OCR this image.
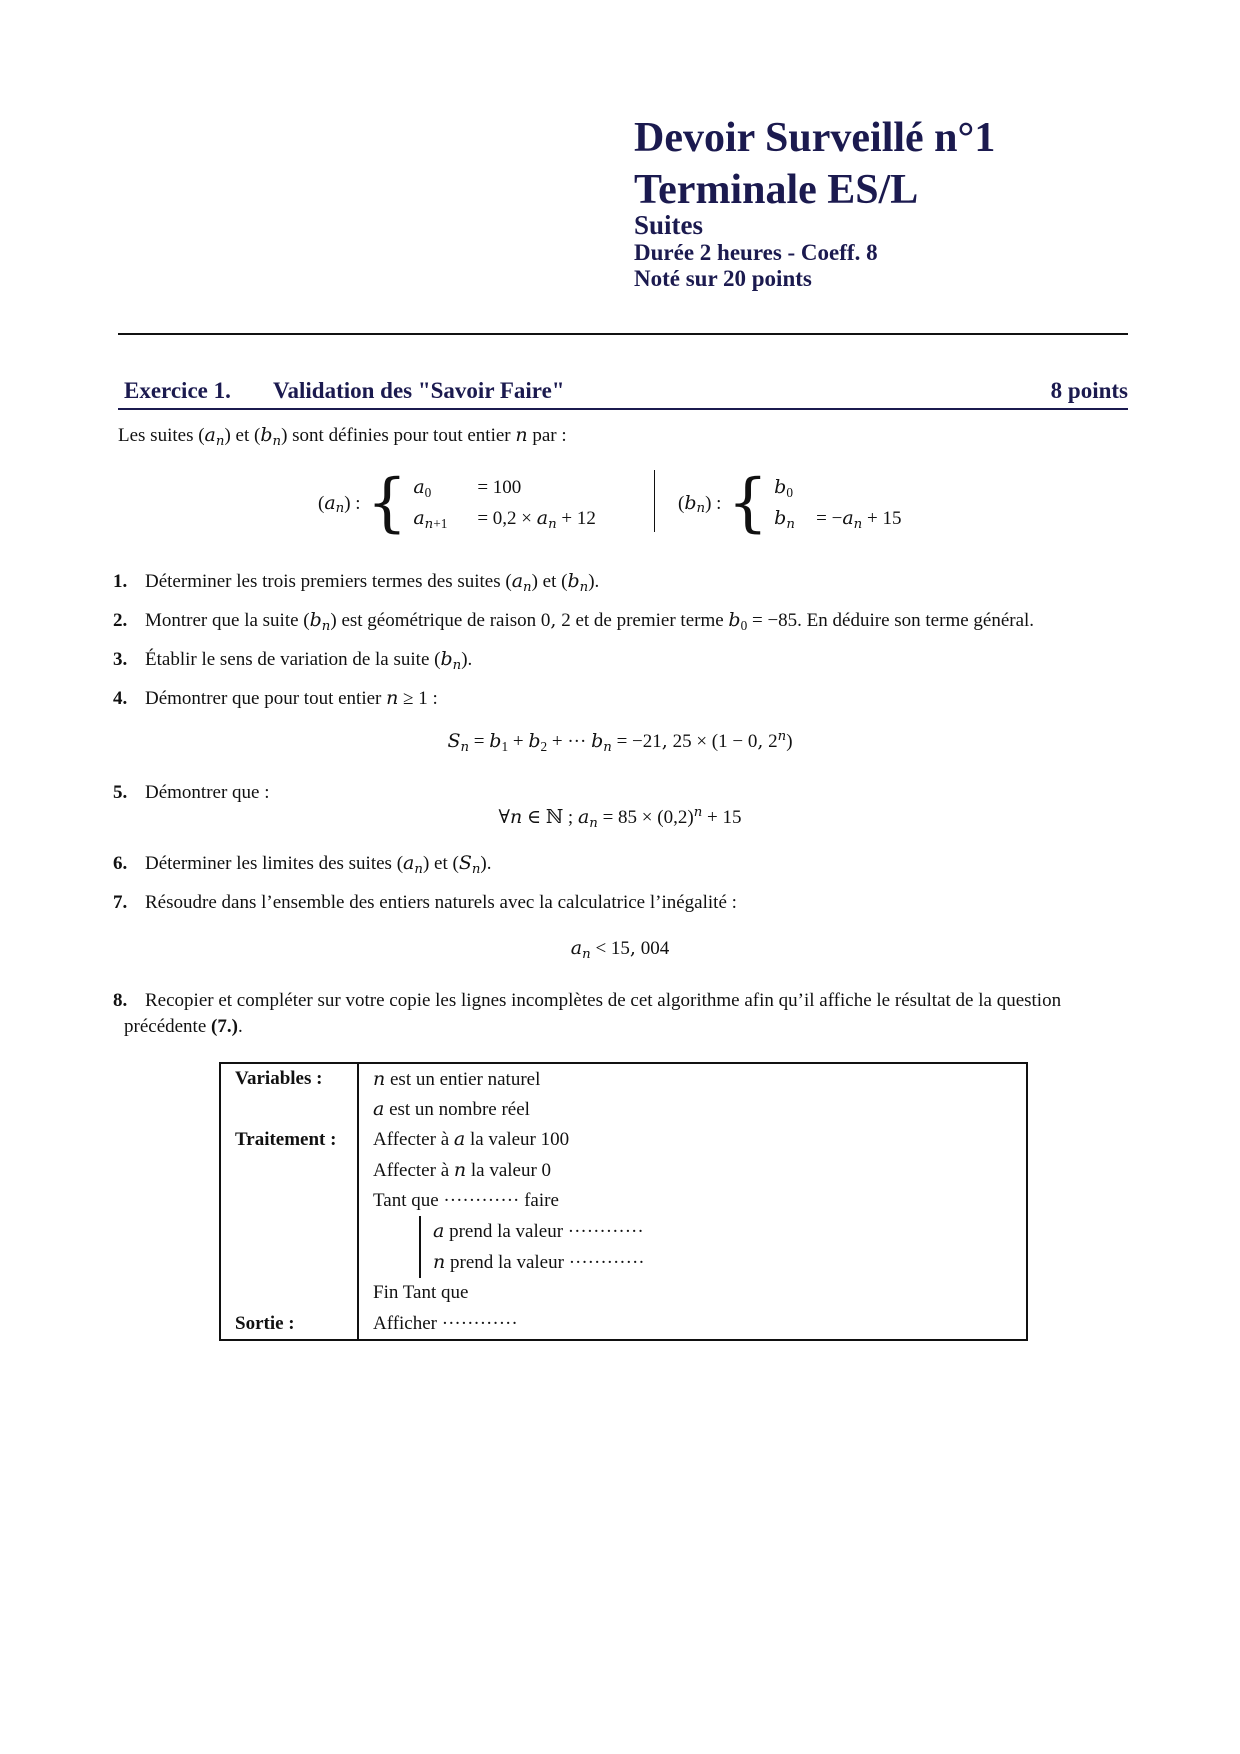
Devoir Surveillé n°1
Terminale ES/L
Suites
Durée 2 heures - Coeff. 8
Noté sur 20 points
Exercice 1. Validation des "Savoir Faire"	8 points
Les suites $(a_n)$ et $(b_n)$ sont définies pour tout entier n par :
$(a_n)$ : { $a_0 = 100$
$a_{n+1} = 0,2 \times a_n + 12$
$(b_n)$ : { $b_0$
$b_n = -a_n + 15$
1. Déterminer les trois premiers termes des suites $(a_n)$ et $(b_n)$.
2. Montrer que la suite $(b_n)$ est géométrique de raison 0, 2 et de premier terme $b_0 = -85$. En déduire son terme général.
3. Établir le sens de variation de la suite $(b_n)$.
4. Démontrer que pour tout entier n ≥ 1 :
$S_n = b_1 + b_2$ + ··· $b_n = -21$, 25 × (1 − 0, 2$^n$)
5. Démontrer que :
∀n ∈ ℕ ; $a_n = 85 \times (0,2)^n + 15$
6. Déterminer les limites des suites $(a_n)$ et $(S_n)$.
7. Résoudre dans l’ensemble des entiers naturels avec la calculatrice l’inégalité :
$a_n < 15$, 004
8. Recopier et compléter sur votre copie les lignes incomplètes de cet algorithme afin qu’il affiche le résultat de la question
précédente (7.).
Variables :	n est un entier naturel
	a est un nombre réel
Traitement :	Affecter à a la valeur 100
	Affecter à n la valeur 0
	Tant que ············ faire

	a prend la valeur ············

	n prend la valeur ············

	Fin Tant que
Sortie :	Afficher ············
